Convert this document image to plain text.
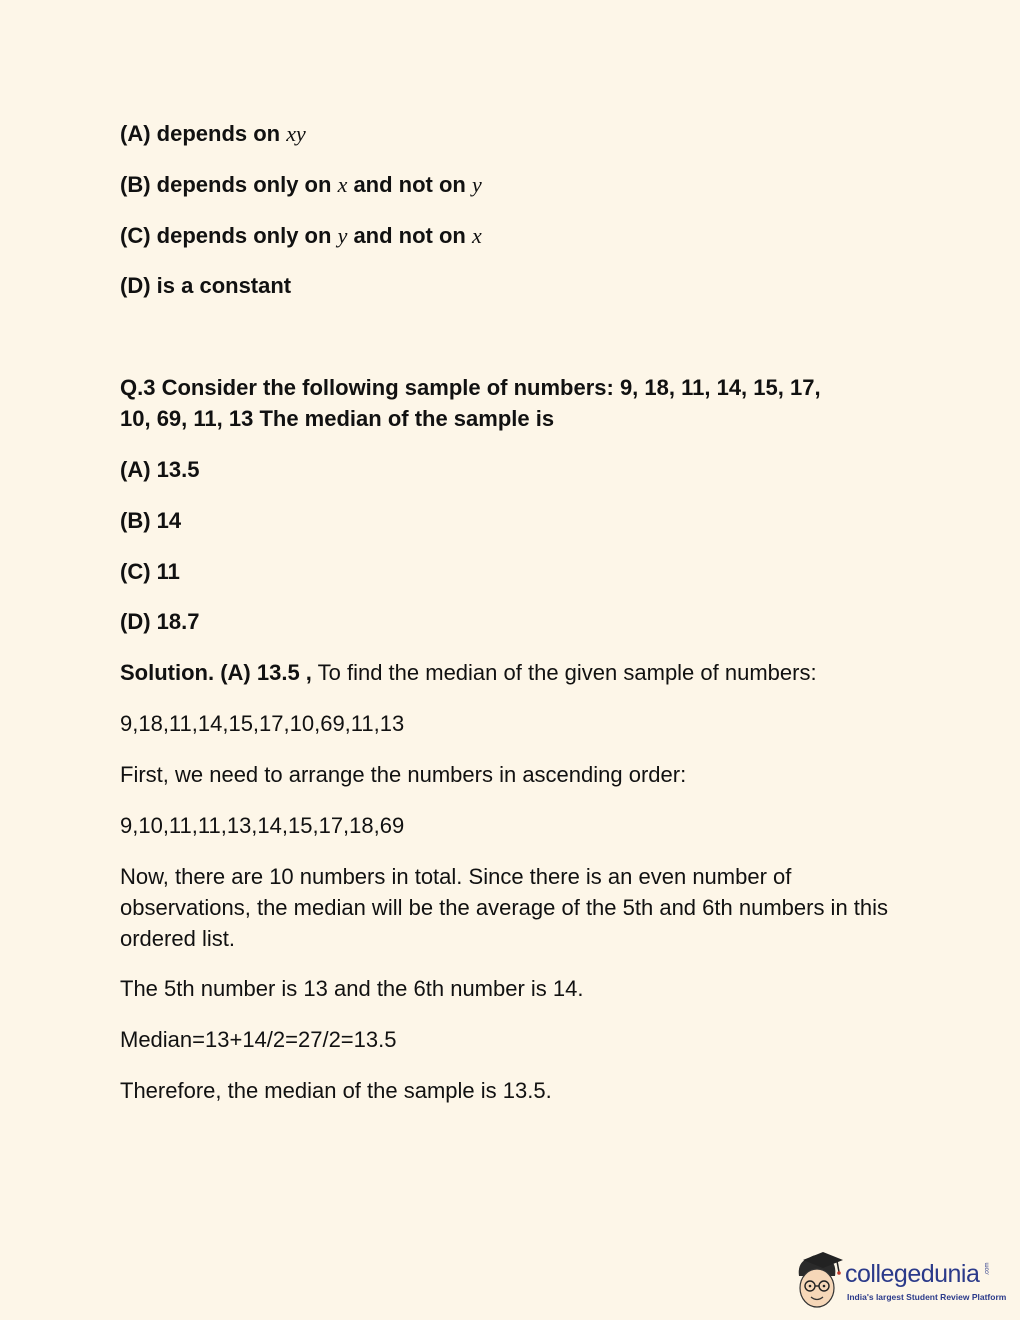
(A) depends on xy
(B) depends only on x and not on y
(C) depends only on y and not on x
(D) is a constant
Q.3 Consider the following sample of numbers: 9, 18, 11, 14, 15, 17,
10, 69, 11, 13 The median of the sample is
(A) 13.5
(B) 14
(C) 11
(D) 18.7
Solution. (A) 13.5 , To find the median of the given sample of numbers:
9,18,11,14,15,17,10,69,11,13
First, we need to arrange the numbers in ascending order:
9,10,11,11,13,14,15,17,18,69
Now, there are 10 numbers in total. Since there is an even number of observations, the median will be the average of the 5th and 6th numbers in this ordered list.
The 5th number is 13 and the 6th number is 14.
Median=13+14/2=27/2=13.5
Therefore, the median of the sample is 13.5.
collegedunia .com
India's largest Student Review Platform
